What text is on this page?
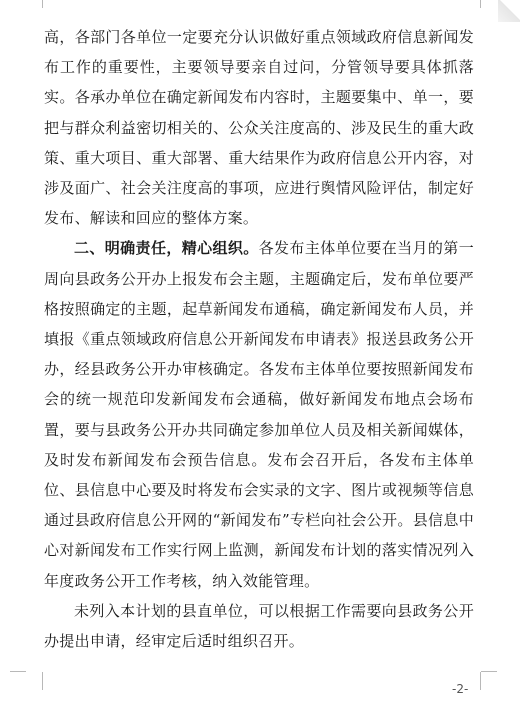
高，各部门各单位一定要充分认识做好重点领域政府信息新闻发布工作的重要性，主要领导要亲自过问，分管领导要具体抓落实。各承办单位在确定新闻发布内容时，主题要集中、单一，要把与群众利益密切相关的、公众关注度高的、涉及民生的重大政策、重大项目、重大部署、重大结果作为政府信息公开内容，对涉及面广、社会关注度高的事项，应进行舆情风险评估，制定好发布、解读和回应的整体方案。

二、明确责任，精心组织。各发布主体单位要在当月的第一周向县政务公开办上报发布会主题，主题确定后，发布单位要严格按照确定的主题，起草新闻发布通稿，确定新闻发布人员，并填报《重点领域政府信息公开新闻发布申请表》报送县政务公开办，经县政务公开办审核确定。各发布主体单位要按照新闻发布会的统一规范印发新闻发布会通稿，做好新闻发布地点会场布置，要与县政务公开办共同确定参加单位人员及相关新闻媒体，及时发布新闻发布会预告信息。发布会召开后，各发布主体单位、县信息中心要及时将发布会实录的文字、图片或视频等信息通过县政府信息公开网的“新闻发布”专栏向社会公开。县信息中心对新闻发布工作实行网上监测，新闻发布计划的落实情况列入年度政务公开工作考核，纳入效能管理。

未列入本计划的县直单位，可以根据工作需要向县政务公开办提出申请，经审定后适时组织召开。

-2-
